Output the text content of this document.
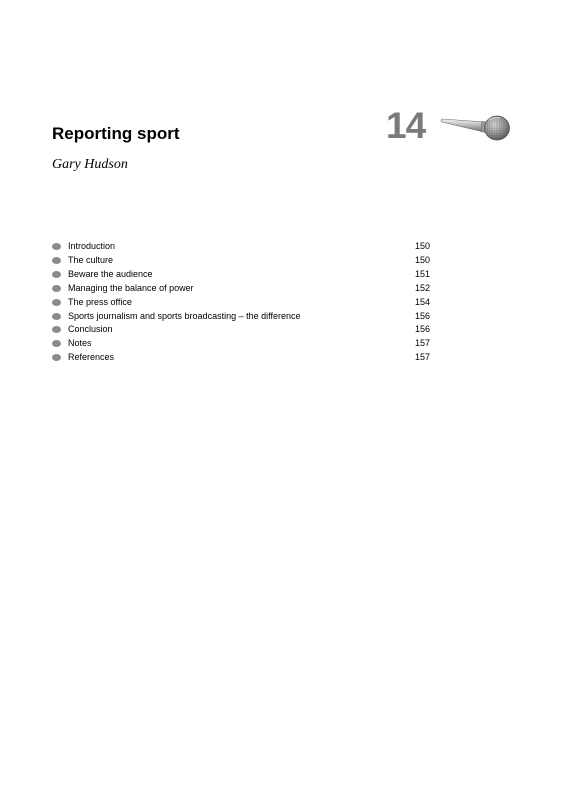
Reporting sport	14
Gary Hudson
Introduction	150
The culture	150
Beware the audience	151
Managing the balance of power	152
The press office	154
Sports journalism and sports broadcasting – the difference	156
Conclusion	156
Notes	157
References	157
